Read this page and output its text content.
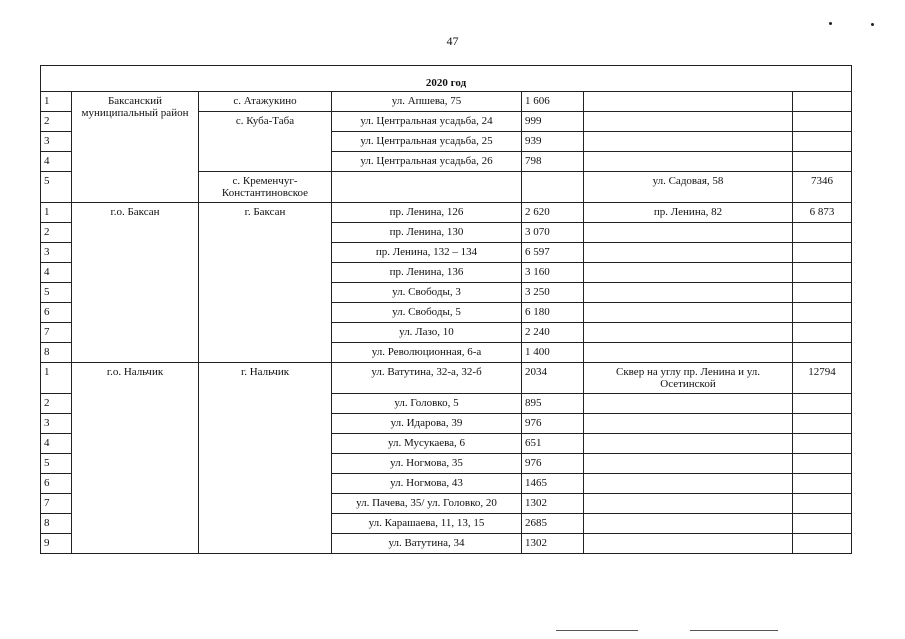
47
2020 год						
1	Баксанский муниципальный район	с. Атажукино	ул. Апшева, 75	1 606		
2		с. Куба-Таба	ул. Центральная усадьба, 24	999		
3			ул. Центральная усадьба, 25	939		
4			ул. Центральная усадьба, 26	798		
5		с. Кременчуг-Константиновское			ул. Садовая, 58	7346
1	г.о. Баксан	г. Баксан	пр. Ленина, 126	2 620	пр. Ленина, 82	6 873
2			пр. Ленина, 130	3 070		
3			пр. Ленина, 132 – 134	6 597		
4			пр. Ленина, 136	3 160		
5			ул. Свободы, 3	3 250		
6			ул. Свободы, 5	6 180		
7			ул. Лазо, 10	2 240		
8			ул. Революционная, 6-а	1 400		
1	г.о. Нальчик	г. Нальчик	ул. Ватутина, 32-а, 32-б	2034	Сквер на углу пр. Ленина и ул. Осетинской	12794
2			ул. Головко, 5	895		
3			ул. Идарова, 39	976		
4			ул. Мусукаева, 6	651		
5			ул. Ногмова, 35	976		
6			ул. Ногмова, 43	1465		
7			ул. Пачева, 35/ ул. Головко, 20	1302		
8			ул. Карашаева, 11, 13, 15	2685		
9			ул. Ватутина, 34	1302		
